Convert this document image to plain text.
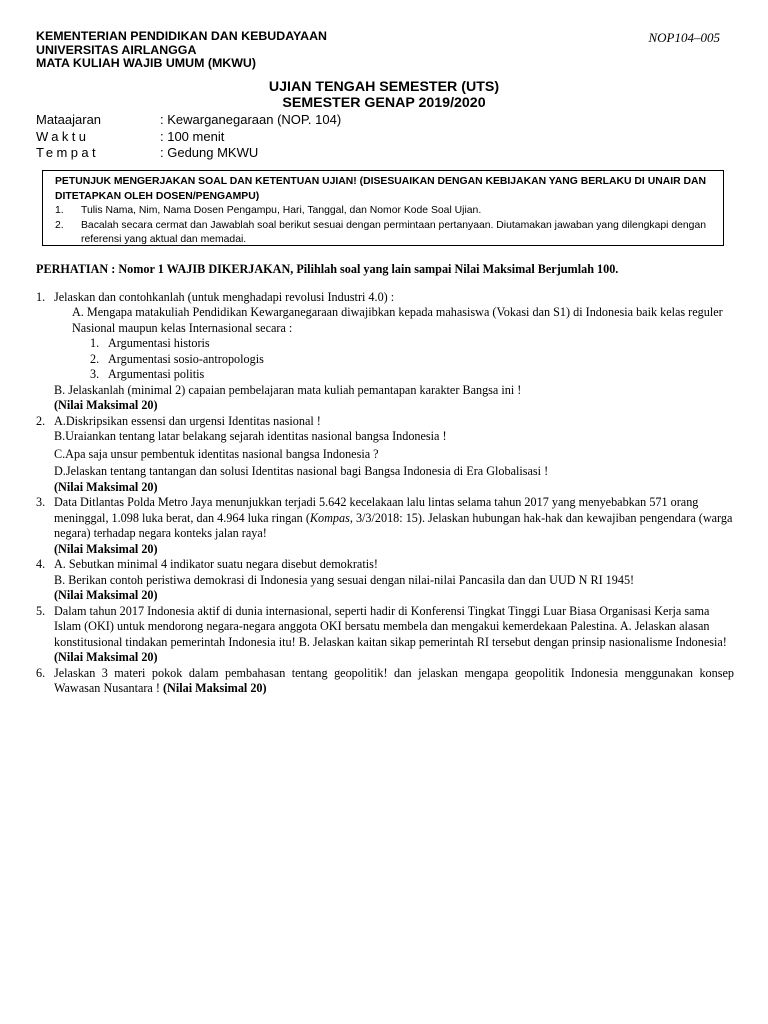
KEMENTERIAN PENDIDIKAN DAN KEBUDAYAAN
UNIVERSITAS AIRLANGGA
MATA KULIAH WAJIB UMUM (MKWU)
NOP104–005
UJIAN TENGAH SEMESTER (UTS)
SEMESTER GENAP 2019/2020
Mataajaran	: Kewarganegaraan (NOP. 104)
Waktu	: 100 menit
Tempat	: Gedung MKWU
PETUNJUK MENGERJAKAN SOAL DAN KETENTUAN UJIAN! (DISESUAIKAN DENGAN KEBIJAKAN YANG BERLAKU DI UNAIR DAN DITETAPKAN OLEH DOSEN/PENGAMPU)
1.	Tulis Nama, Nim, Nama Dosen Pengampu, Hari, Tanggal, dan Nomor Kode Soal Ujian.
2.	Bacalah secara cermat dan Jawablah soal berikut sesuai dengan permintaan pertanyaan. Diutamakan jawaban yang dilengkapi dengan referensi yang aktual dan memadai.
PERHATIAN : Nomor 1 WAJIB DIKERJAKAN, Pilihlah soal yang lain sampai Nilai Maksimal Berjumlah 100.
1. Jelaskan dan contohkanlah (untuk menghadapi revolusi Industri 4.0) :
A. Mengapa matakuliah Pendidikan Kewarganegaraan diwajibkan kepada mahasiswa (Vokasi dan S1) di Indonesia baik kelas reguler Nasional maupun kelas Internasional secara :
1. Argumentasi historis
2. Argumentasi sosio-antropologis
3. Argumentasi politis
B. Jelaskanlah (minimal 2) capaian pembelajaran mata kuliah pemantapan karakter Bangsa ini !
(Nilai Maksimal 20)
2. A.Diskripsikan essensi dan urgensi Identitas nasional !
B.Uraiankan tentang latar belakang sejarah identitas nasional bangsa Indonesia !
C.Apa saja unsur pembentuk identitas nasional bangsa Indonesia ?
D.Jelaskan tentang tantangan dan solusi Identitas nasional bagi Bangsa Indonesia di Era Globalisasi !
(Nilai Maksimal 20)
3. Data Ditlantas Polda Metro Jaya menunjukkan terjadi 5.642 kecelakaan lalu lintas selama tahun 2017 yang menyebabkan 571 orang meninggal, 1.098 luka berat, dan 4.964 luka ringan (Kompas, 3/3/2018: 15). Jelaskan hubungan hak-hak dan kewajiban pengendara (warga negara) terhadap negara konteks jalan raya!
(Nilai Maksimal 20)
4. A. Sebutkan minimal 4 indikator suatu negara disebut demokratis!
B. Berikan contoh peristiwa demokrasi di Indonesia yang sesuai dengan nilai-nilai Pancasila dan dan UUD N RI 1945!
(Nilai Maksimal 20)
5. Dalam tahun 2017 Indonesia aktif di dunia internasional, seperti hadir di Konferensi Tingkat Tinggi Luar Biasa Organisasi Kerja sama Islam (OKI) untuk mendorong negara-negara anggota OKI bersatu membela dan mengakui kemerdekaan Palestina. A. Jelaskan alasan konstitusional tindakan pemerintah Indonesia itu! B. Jelaskan kaitan sikap pemerintah RI tersebut dengan prinsip nasionalisme Indonesia!
(Nilai Maksimal 20)
6. Jelaskan 3 materi pokok dalam pembahasan tentang geopolitik! dan jelaskan mengapa geopolitik Indonesia menggunakan konsep Wawasan Nusantara ! (Nilai Maksimal 20)
